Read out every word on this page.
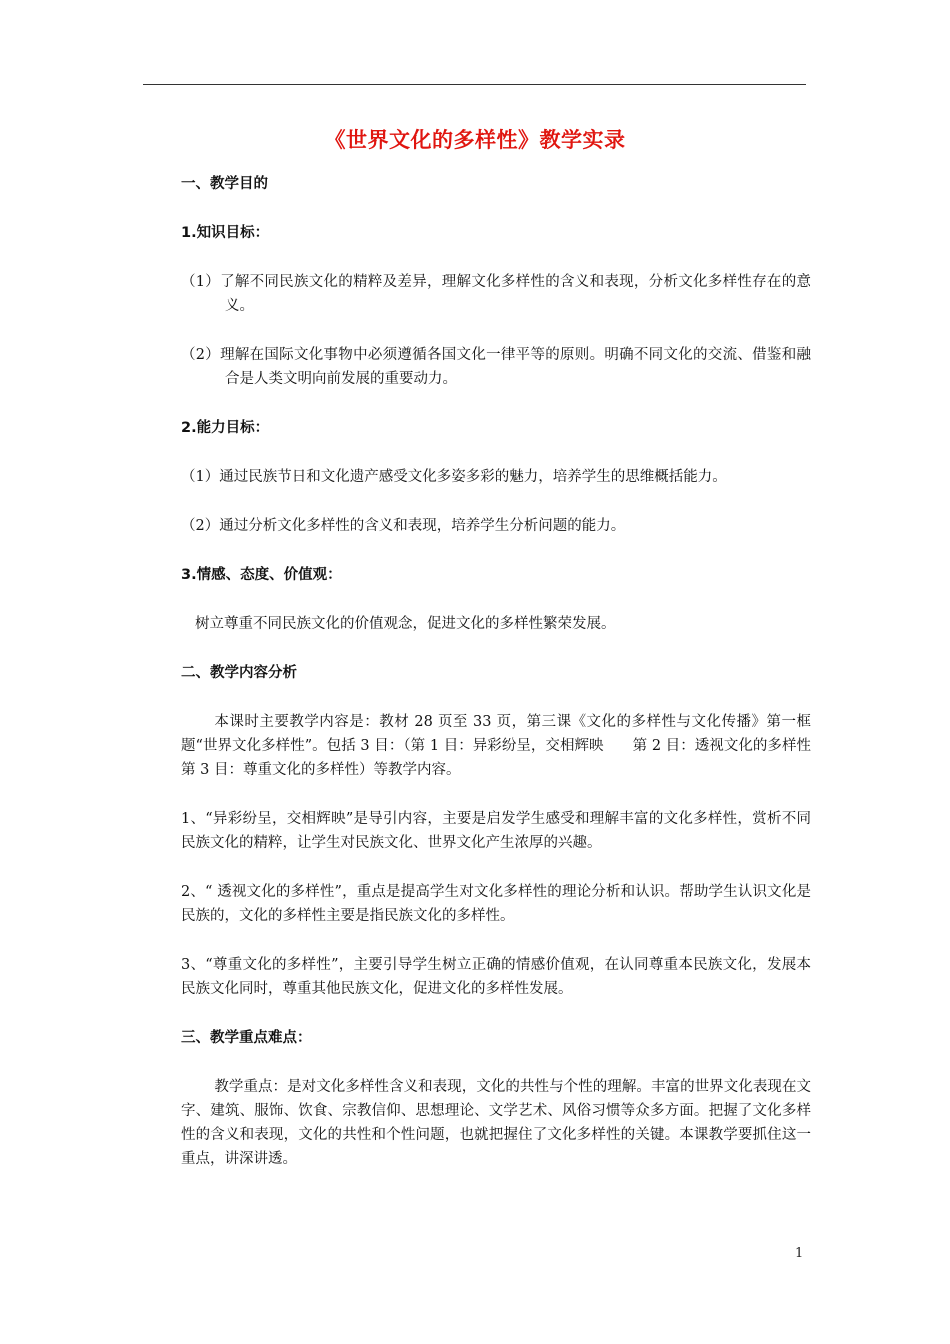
《世界文化的多样性》教学实录
一、教学目的
1.知识目标：
（1）了解不同民族文化的精粹及差异，理解文化多样性的含义和表现，分析文化多样性存在的意义。
（2）理解在国际文化事物中必须遵循各国文化一律平等的原则。明确不同文化的交流、借鉴和融合是人类文明向前发展的重要动力。
2.能力目标：
（1）通过民族节日和文化遗产感受文化多姿多彩的魅力，培养学生的思维概括能力。
（2）通过分析文化多样性的含义和表现，培养学生分析问题的能力。
3.情感、态度、价值观：
树立尊重不同民族文化的价值观念，促进文化的多样性繁荣发展。
二、教学内容分析
本课时主要教学内容是：教材 28 页至 33 页，第三课《文化的多样性与文化传播》第一框题“世界文化多样性”。包括 3 目：（第 1 目：异彩纷呈，交相辉映　　第 2 目：透视文化的多样性　第 3 目：尊重文化的多样性）等教学内容。
1、“异彩纷呈，交相辉映”是导引内容，主要是启发学生感受和理解丰富的文化多样性，赏析不同民族文化的精粹，让学生对民族文化、世界文化产生浓厚的兴趣。
2、“ 透视文化的多样性”，重点是提高学生对文化多样性的理论分析和认识。帮助学生认识文化是民族的，文化的多样性主要是指民族文化的多样性。
3、“尊重文化的多样性”，主要引导学生树立正确的情感价值观，在认同尊重本民族文化，发展本民族文化同时，尊重其他民族文化，促进文化的多样性发展。
三、教学重点难点：
教学重点：是对文化多样性含义和表现，文化的共性与个性的理解。丰富的世界文化表现在文字、建筑、服饰、饮食、宗教信仰、思想理论、文学艺术、风俗习惯等众多方面。把握了文化多样性的含义和表现，文化的共性和个性问题，也就把握住了文化多样性的关键。本课教学要抓住这一重点，讲深讲透。
1
